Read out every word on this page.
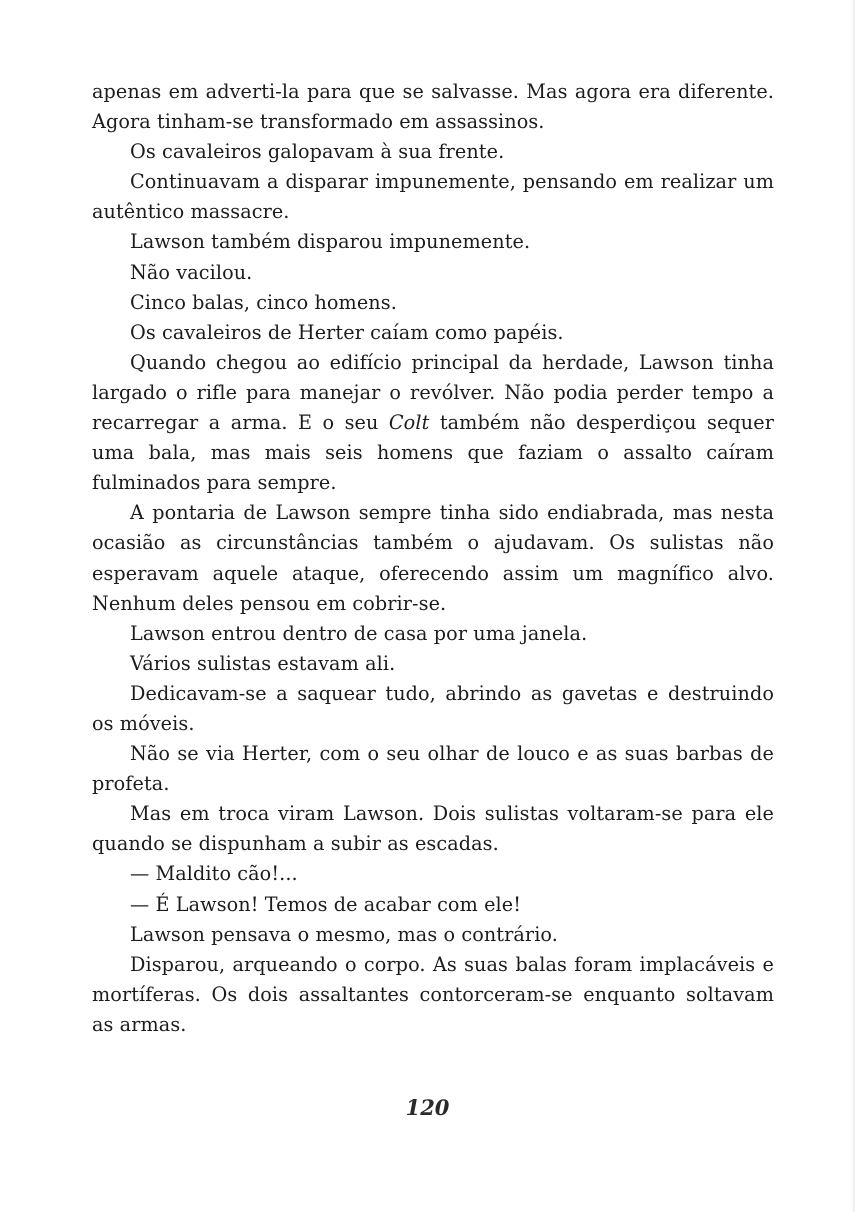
apenas em adverti-la para que se salvasse. Mas agora era diferente. Agora tinham-se transformado em assassinos.

Os cavaleiros galopavam à sua frente.

Continuavam a disparar impunemente, pensando em realizar um autêntico massacre.

Lawson também disparou impunemente.

Não vacilou.

Cinco balas, cinco homens.

Os cavaleiros de Herter caíam como papéis.

Quando chegou ao edifício principal da herdade, Lawson tinha largado o rifle para manejar o revólver. Não podia perder tempo a recarregar a arma. E o seu Colt também não desperdiçou sequer uma bala, mas mais seis homens que faziam o assalto caíram fulminados para sempre.

A pontaria de Lawson sempre tinha sido endiabrada, mas nesta ocasião as circunstâncias também o ajudavam. Os sulistas não esperavam aquele ataque, oferecendo assim um magnífico alvo. Nenhum deles pensou em cobrir-se.

Lawson entrou dentro de casa por uma janela.

Vários sulistas estavam ali.

Dedicavam-se a saquear tudo, abrindo as gavetas e destruindo os móveis.

Não se via Herter, com o seu olhar de louco e as suas barbas de profeta.

Mas em troca viram Lawson. Dois sulistas voltaram-se para ele quando se dispunham a subir as escadas.

— Maldito cão!...

— É Lawson! Temos de acabar com ele!

Lawson pensava o mesmo, mas o contrário.

Disparou, arqueando o corpo. As suas balas foram implacáveis e mortíferas. Os dois assaltantes contorceram-se enquanto soltavam as armas.

120
